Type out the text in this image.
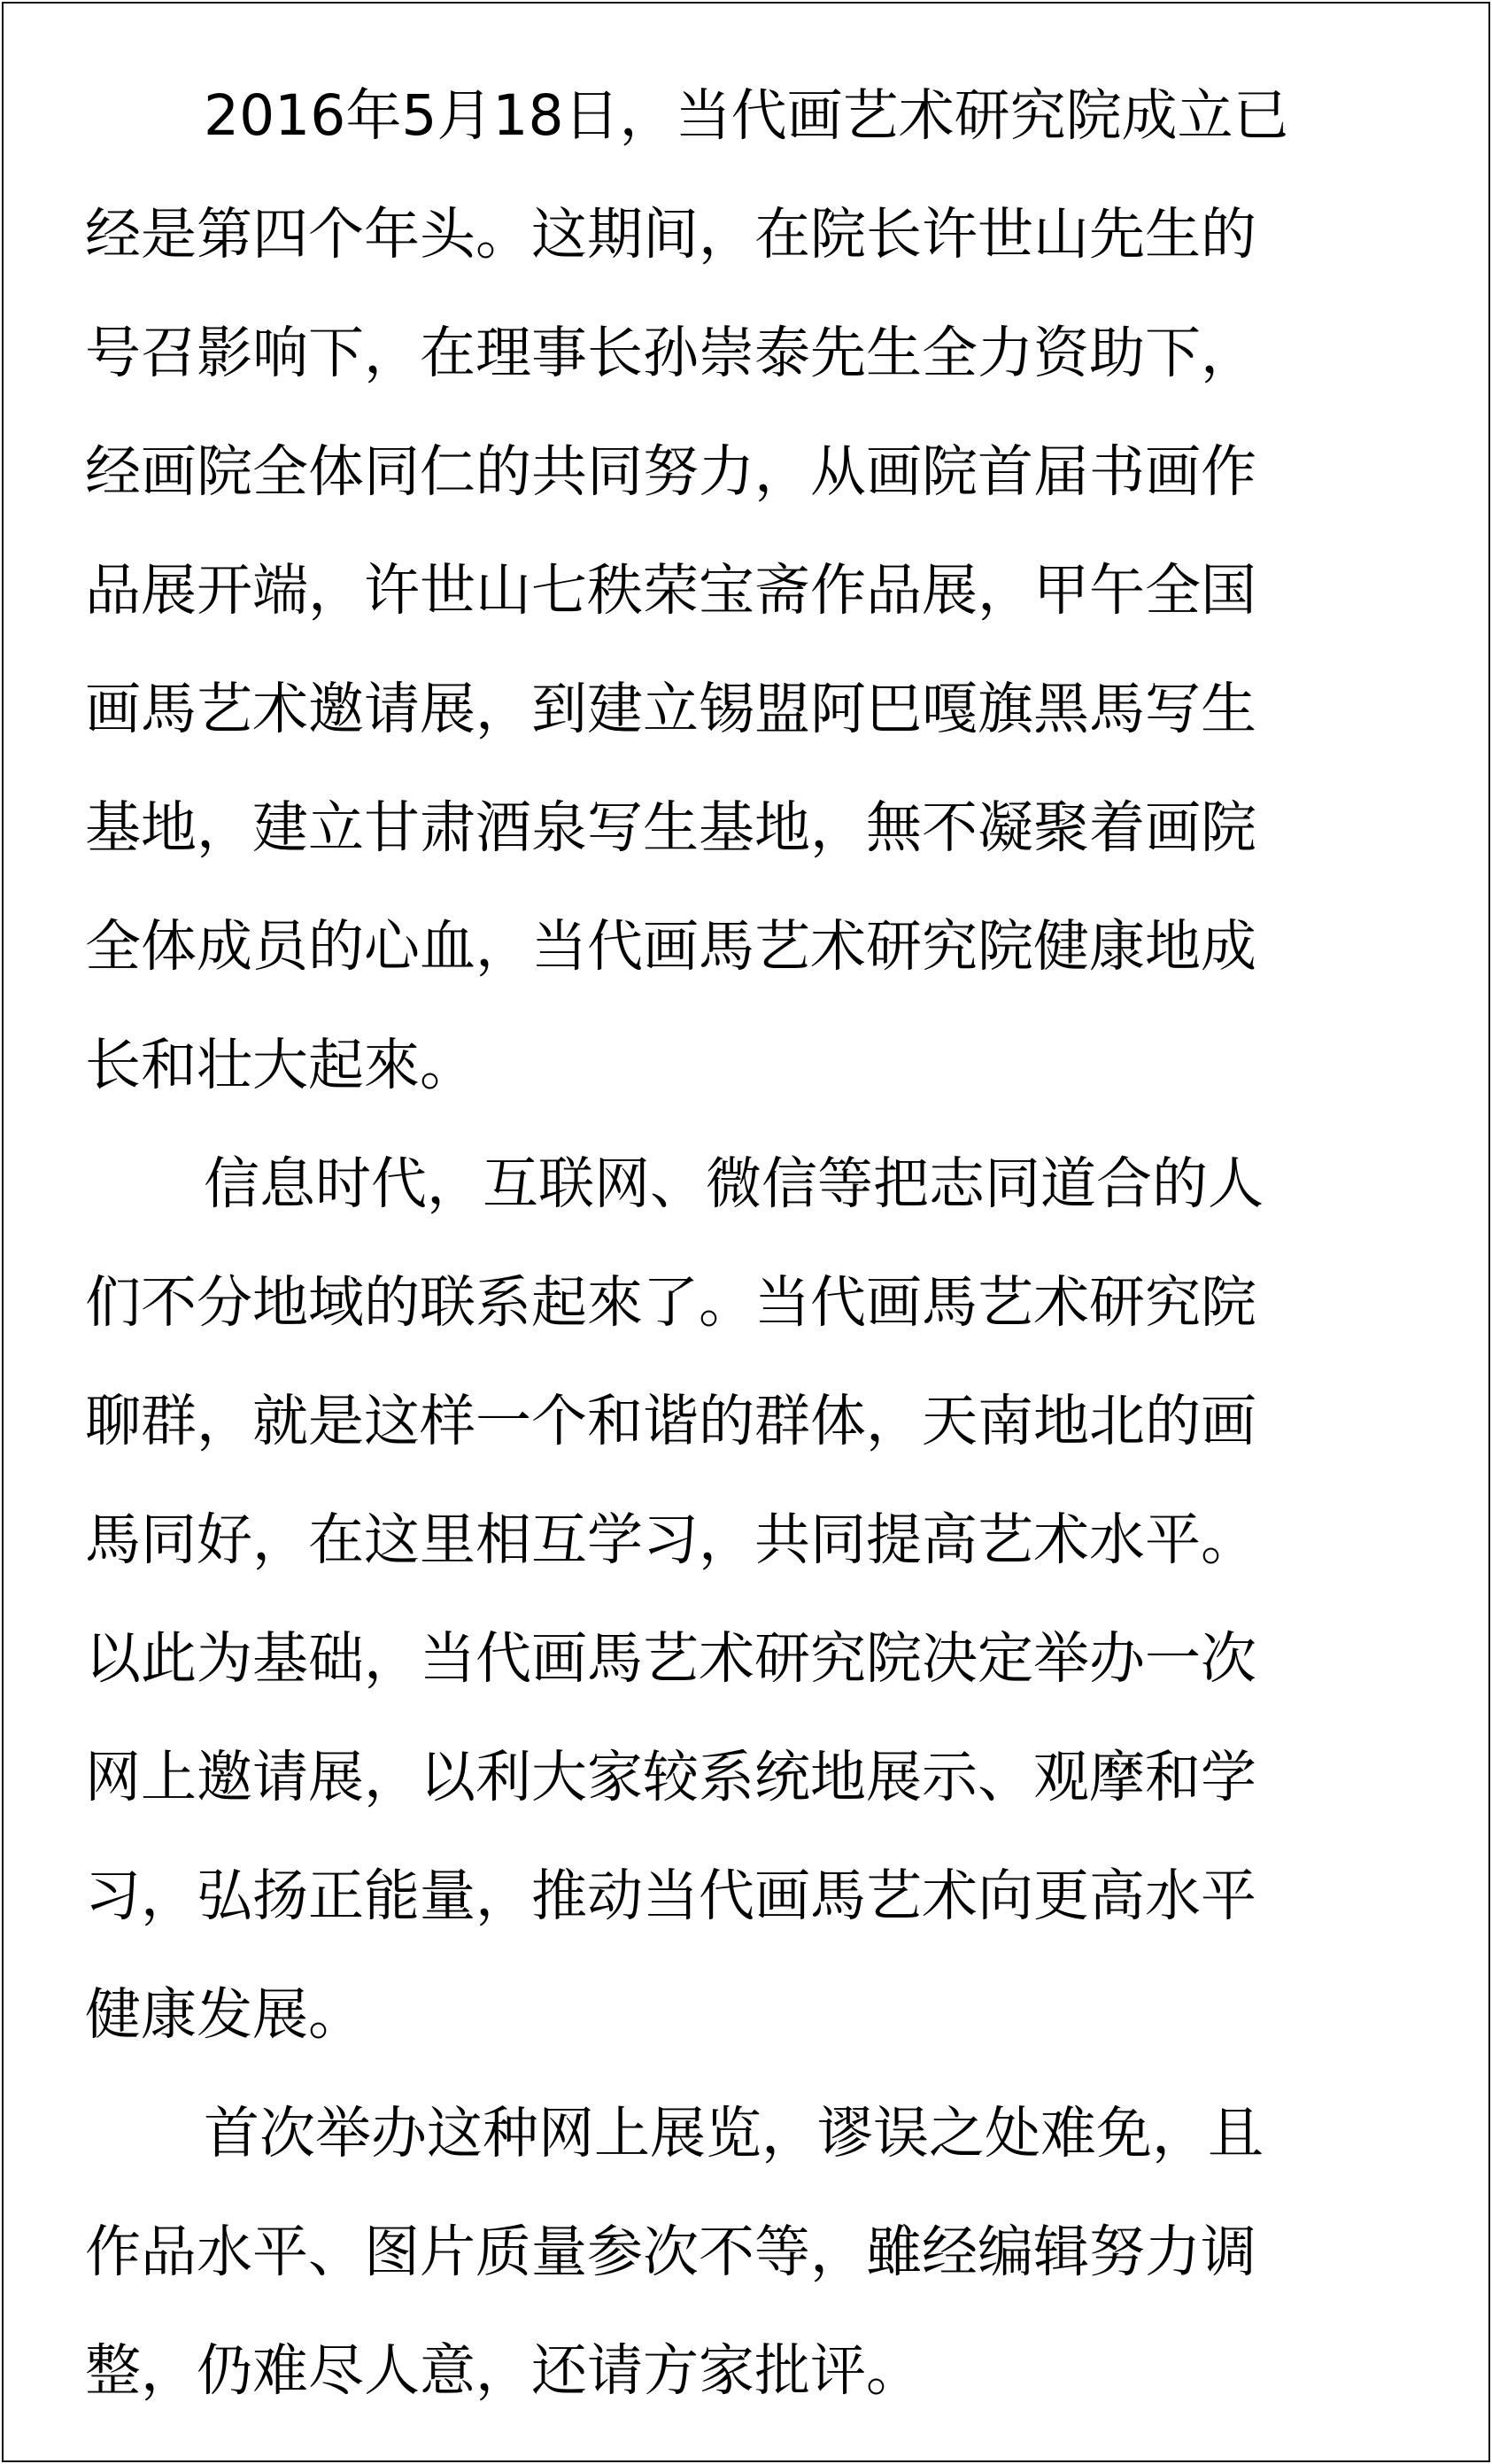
2016年5月18日，当代画艺术研究院成立已
经是第四个年头。这期间，在院长许世山先生的
号召影响下，在理事长孙崇泰先生全力资助下，
经画院全体同仁的共同努力，从画院首届书画作
品展开端，许世山七秩荣宝斋作品展，甲午全国
画馬艺术邀请展，到建立锡盟阿巴嘎旗黑馬写生
基地，建立甘肃酒泉写生基地，無不凝聚着画院
全体成员的心血，当代画馬艺术研究院健康地成
长和壮大起來。
信息时代，互联网、微信等把志同道合的人
们不分地域的联系起來了。当代画馬艺术研究院
聊群，就是这样一个和谐的群体，天南地北的画
馬同好，在这里相互学习，共同提高艺术水平。
以此为基础，当代画馬艺术研究院决定举办一次
网上邀请展，以利大家较系统地展示、观摩和学
习，弘扬正能量，推动当代画馬艺术向更高水平
健康发展。
首次举办这种网上展览，谬误之处难免，且
作品水平、图片质量参次不等，雖经编辑努力调
整，仍难尽人意，还请方家批评。
